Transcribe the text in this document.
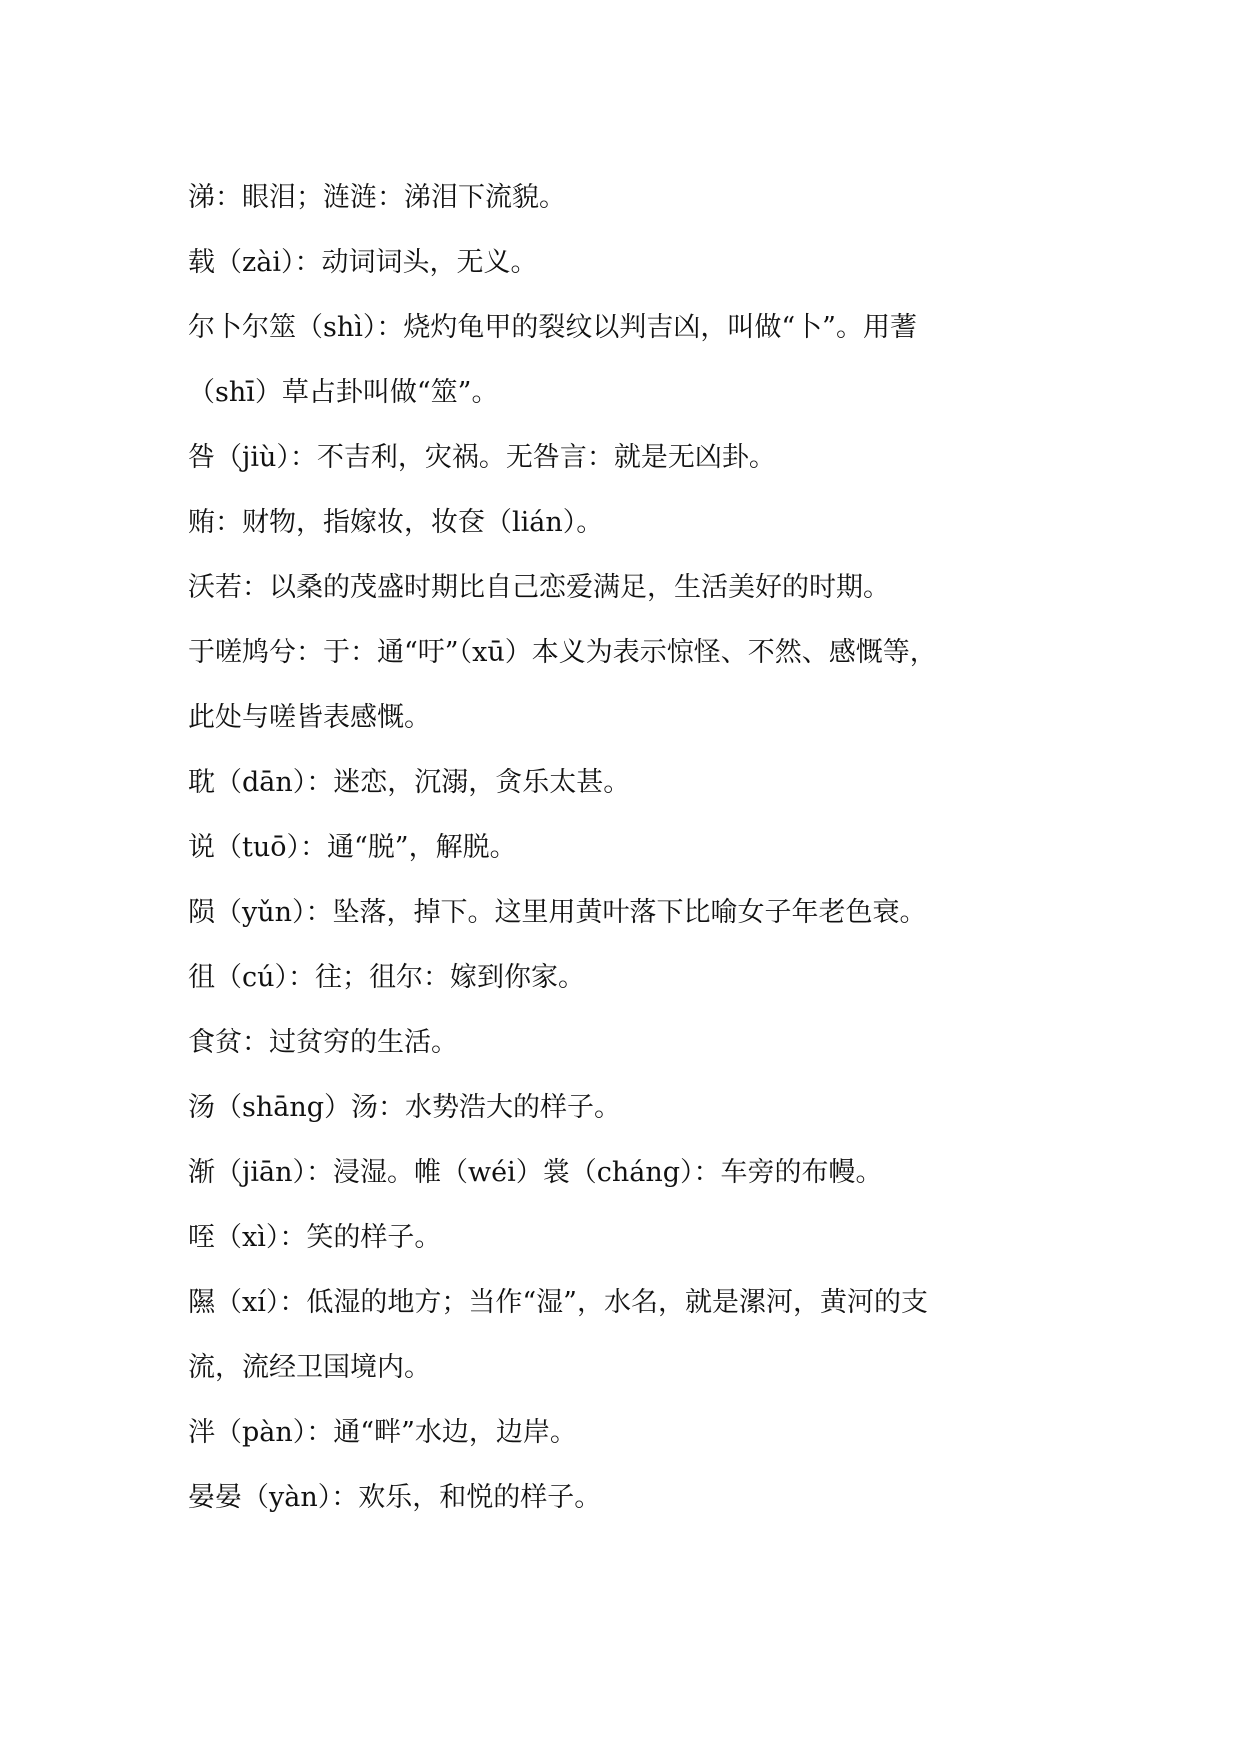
涕：眼泪；涟涟：涕泪下流貌。
载（zài）：动词词头，无义。
尔卜尔筮（shì）：烧灼龟甲的裂纹以判吉凶，叫做“卜”。用蓍
（shī）草占卦叫做“筮”。
咎（jiù）：不吉利，灾祸。无咎言：就是无凶卦。
贿：财物，指嫁妆，妆奁（lián）。
沃若：以桑的茂盛时期比自己恋爱满足，生活美好的时期。
于嗟鸠兮：于：通“吁”（xū）本义为表示惊怪、不然、感慨等，
此处与嗟皆表感慨。
耽（dān）：迷恋，沉溺，贪乐太甚。
说（tuō）：通“脱”，解脱。
陨（yǔn）：坠落，掉下。这里用黄叶落下比喻女子年老色衰。
徂（cú）：往；徂尔：嫁到你家。
食贫：过贫穷的生活。
汤（shāng）汤：水势浩大的样子。
渐（jiān）：浸湿。帷（wéi）裳（cháng）：车旁的布幔。
咥（xì）：笑的样子。
隰（xí）：低湿的地方；当作“湿”，水名，就是漯河，黄河的支
流，流经卫国境内。
泮（pàn）：通“畔”水边，边岸。
晏晏（yàn）：欢乐，和悦的样子。
